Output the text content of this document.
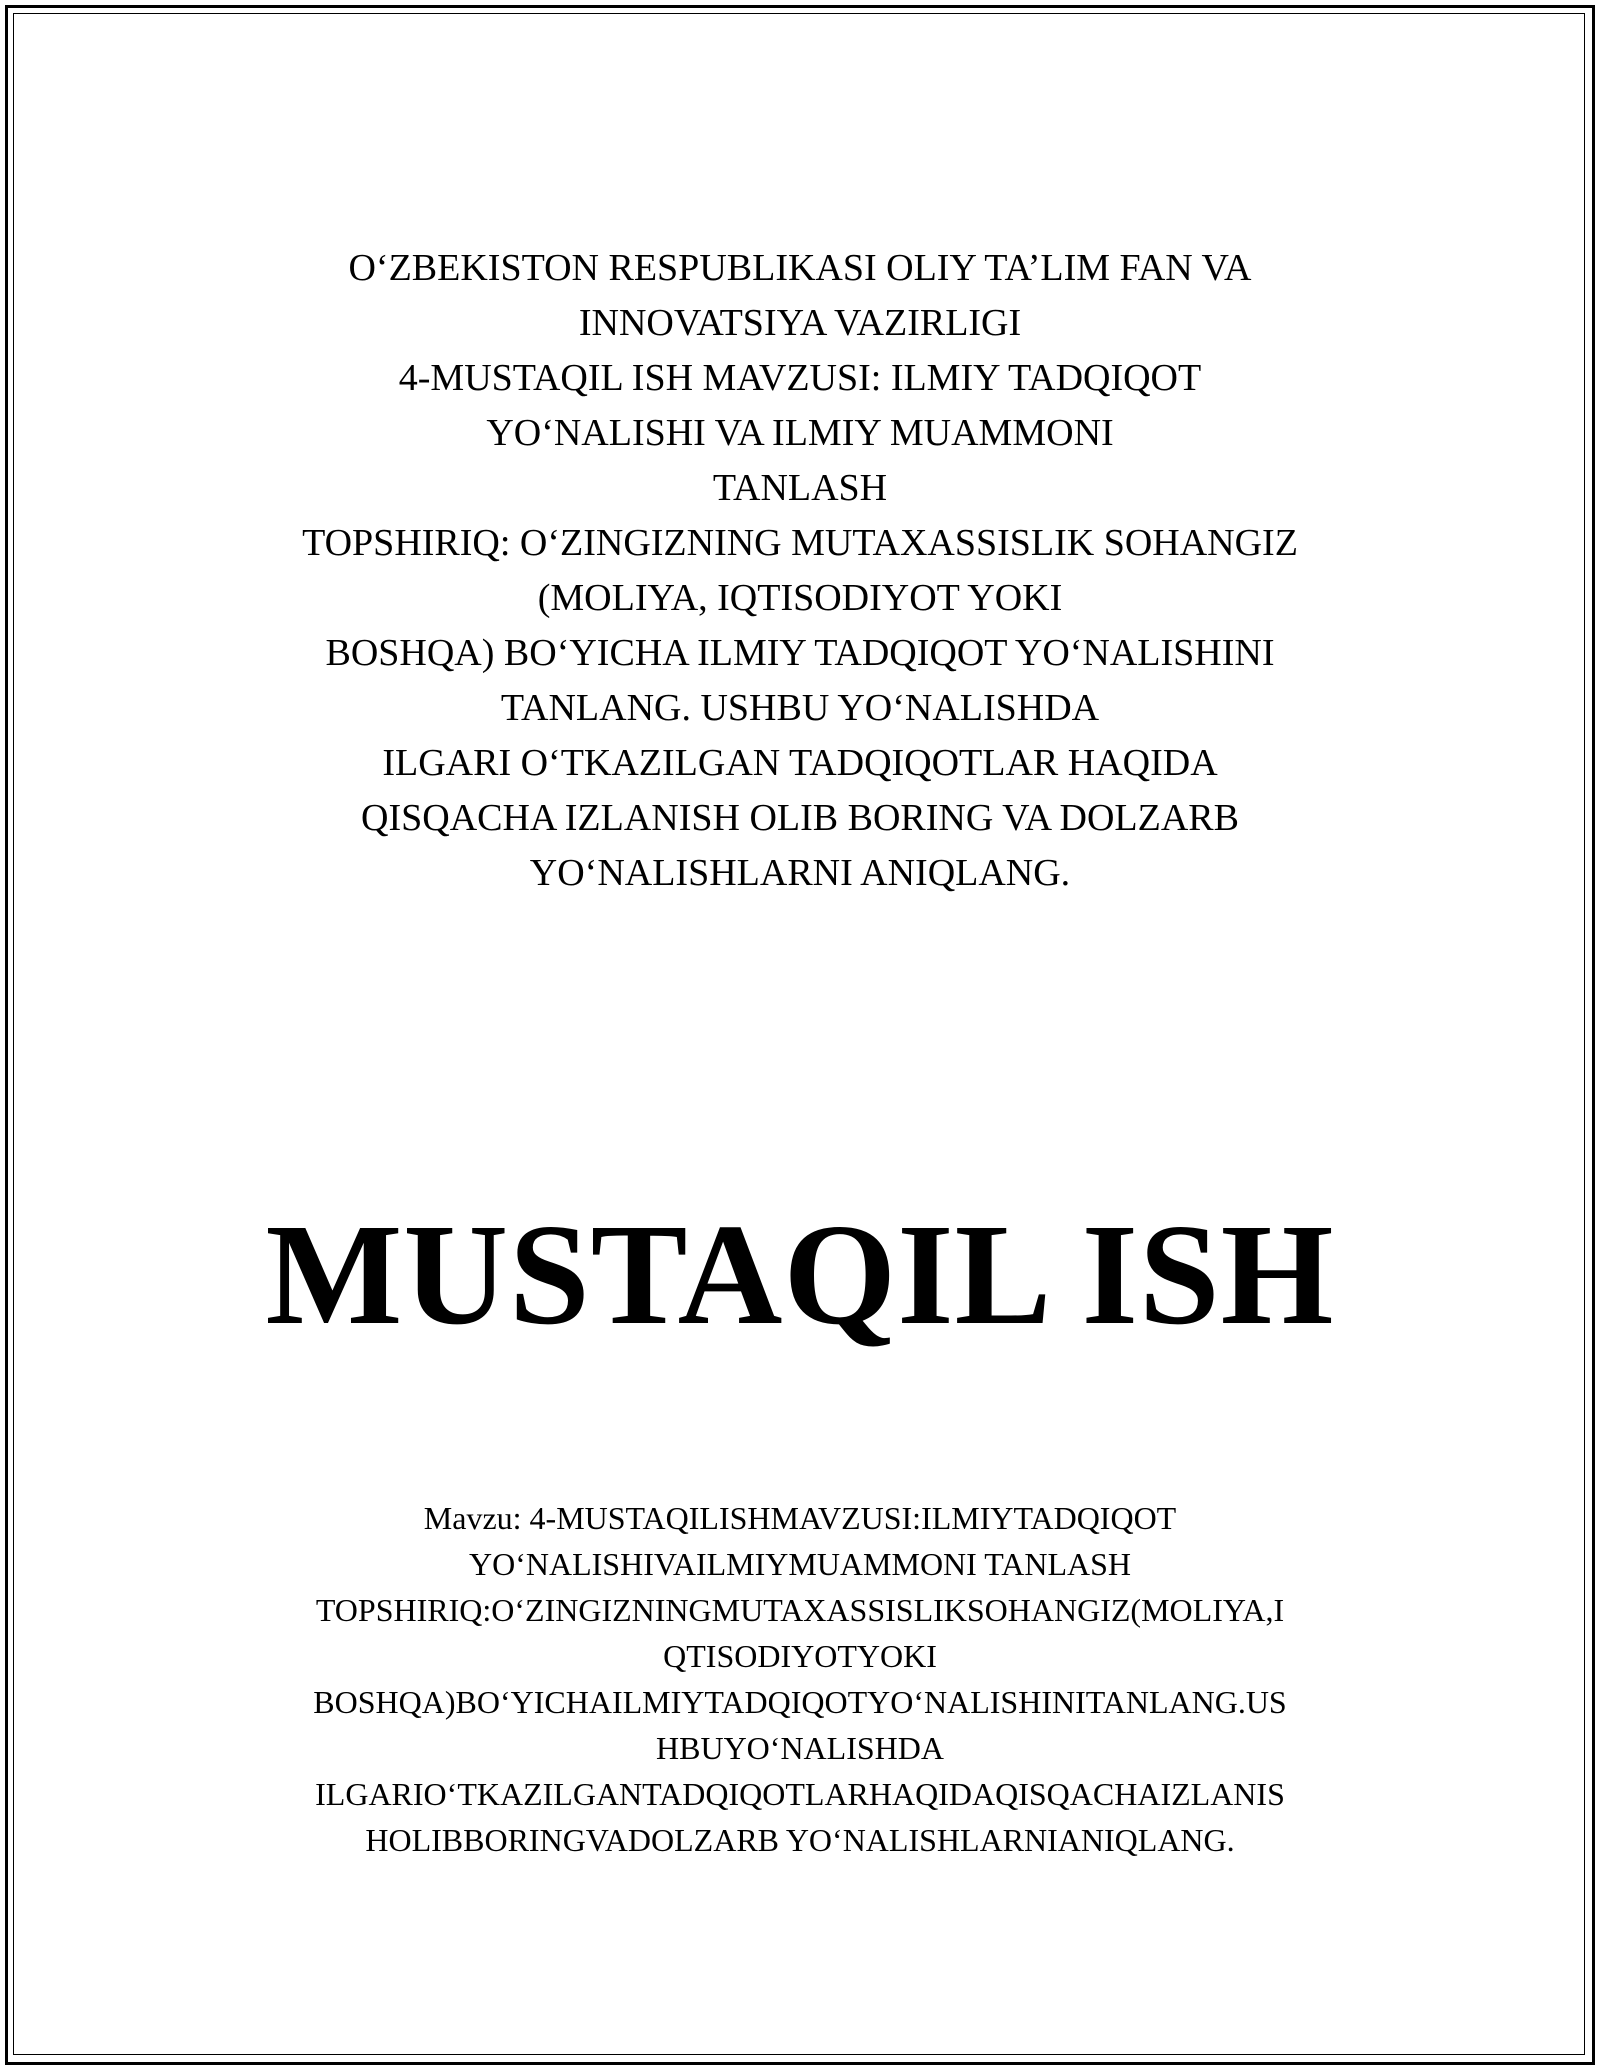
O‘ZBEKISTON RESPUBLIKASI OLIY TA’LIM FAN VA
INNOVATSIYA VAZIRLIGI
4-MUSTAQIL ISH MAVZUSI: ILMIY TADQIQOT
YO‘NALISHI VA ILMIY MUAMMONI
TANLASH
TOPSHIRIQ: O‘ZINGIZNING MUTAXASSISLIK SOHANGIZ
(MOLIYA, IQTISODIYOT YOKI
BOSHQA) BO‘YICHA ILMIY TADQIQOT YO‘NALISHINI
TANLANG. USHBU YO‘NALISHDA
ILGARI O‘TKAZILGAN TADQIQOTLAR HAQIDA
QISQACHA IZLANISH OLIB BORING VA DOLZARB
YO‘NALISHLARNI ANIQLANG.
MUSTAQIL ISH
Mavzu: 4-MUSTAQILISHMAVZUSI:ILMIYTADQIQOT
YO‘NALISHIVAILMIYMUAMMONI TANLASH
TOPSHIRIQ:O‘ZINGIZNINGMUTAXASSISLIKSOHANGIZ(MOLIYA,I
QTISODIYOTYOKI
BOSHQA)BO‘YICHAILMIYTADQIQOTYO‘NALISHINITANLANG.US
HBUYO‘NALISHDA
ILGARIO‘TKAZILGANTADQIQOTLARHAQIDAQISQACHAIZLANIS
HOLIBBORINGVADOLZARB YO‘NALISHLARNIANIQLANG.
